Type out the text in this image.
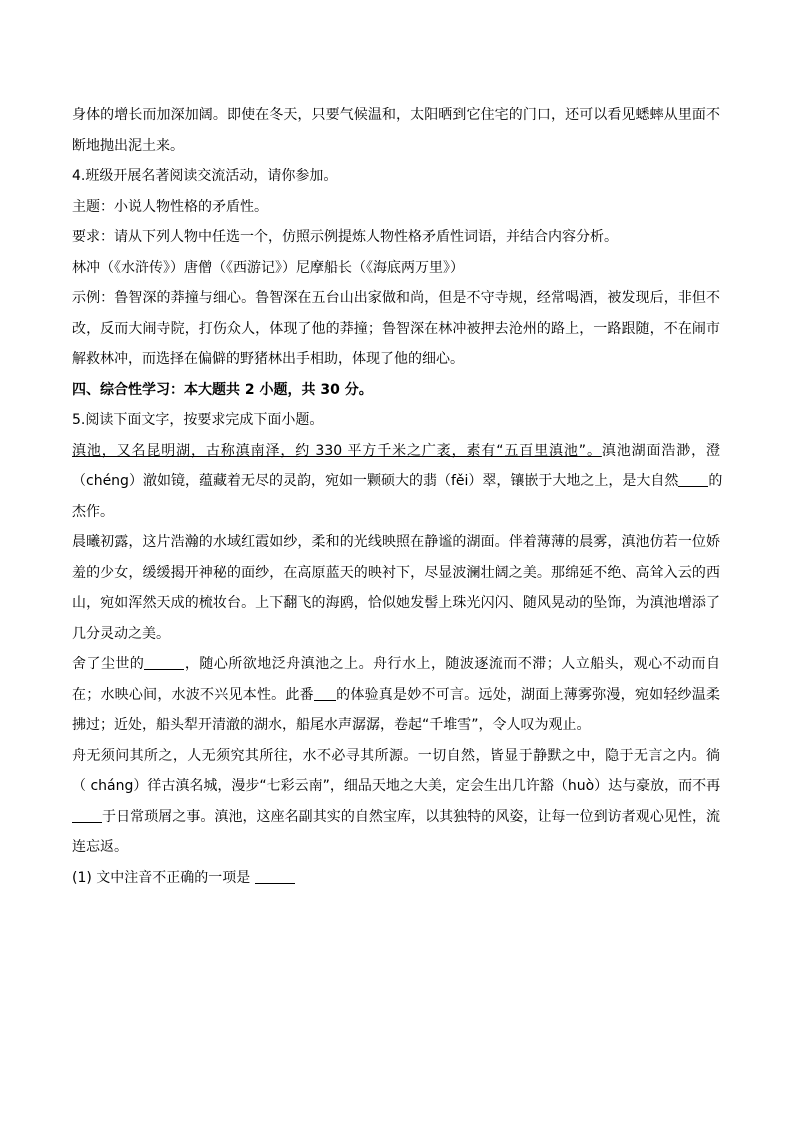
身体的增长而加深加阔。即使在冬天，只要气候温和，太阳晒到它住宅的门口，还可以看见蟋蟀从里面不
断地抛出泥土来。
4.班级开展名著阅读交流活动，请你参加。
主题：小说人物性格的矛盾性。
要求：请从下列人物中任选一个，仿照示例提炼人物性格矛盾性词语，并结合内容分析。
林冲（《水浒传》）唐僧（《西游记》）尼摩船长（《海底两万里》）
示例：鲁智深的莽撞与细心。鲁智深在五台山出家做和尚，但是不守寺规，经常喝酒，被发现后，非但不
改，反而大闹寺院，打伤众人，体现了他的莽撞；鲁智深在林冲被押去沧州的路上，一路跟随，不在闹市
解救林冲，而选择在偏僻的野猪林出手相助，体现了他的细心。
四、综合性学习：本大题共 2 小题，共 30 分。
5.阅读下面文字，按要求完成下面小题。
滇池，又名昆明湖，古称滇南泽，约 330 平方千米之广袤，素有“五百里滇池”。滇池湖面浩渺，澄
（chéng）澈如镜，蕴藏着无尽的灵韵，宛如一颗硕大的翡（fěi）翠，镶嵌于大地之上，是大自然 的
杰作。
晨曦初露，这片浩瀚的水域红霞如纱，柔和的光线映照在静谧的湖面。伴着薄薄的晨雾，滇池仿若一位娇
羞的少女，缓缓揭开神秘的面纱，在高原蓝天的映衬下，尽显波澜壮阔之美。那绵延不绝、高耸入云的西
山，宛如浑然天成的梳妆台。上下翻飞的海鸥，恰似她发髻上珠光闪闪、随风晃动的坠饰，为滇池增添了
几分灵动之美。
舍了尘世的	，随心所欲地泛舟滇池之上。舟行水上，随波逐流而不滞；人立船头，观心不动而自
在；水映心间，水波不兴见本性。此番 的体验真是妙不可言。远处，湖面上薄雾弥漫，宛如轻纱温柔
拂过；近处，船头犁开清澈的湖水，船尾水声潺潺，卷起“千堆雪”，令人叹为观止。
舟无须问其所之，人无须究其所往，水不必寻其所源。一切自然，皆显于静默之中，隐于无言之内。徜
（ cháng）徉古滇名城，漫步“七彩云南”，细品天地之大美，定会生出几许豁（huò）达与豪放，而不再
于日常琐屑之事。滇池，这座名副其实的自然宝库，以其独特的风姿，让每一位到访者观心见性，流
连忘返。
(1) 文中注音不正确的一项是
